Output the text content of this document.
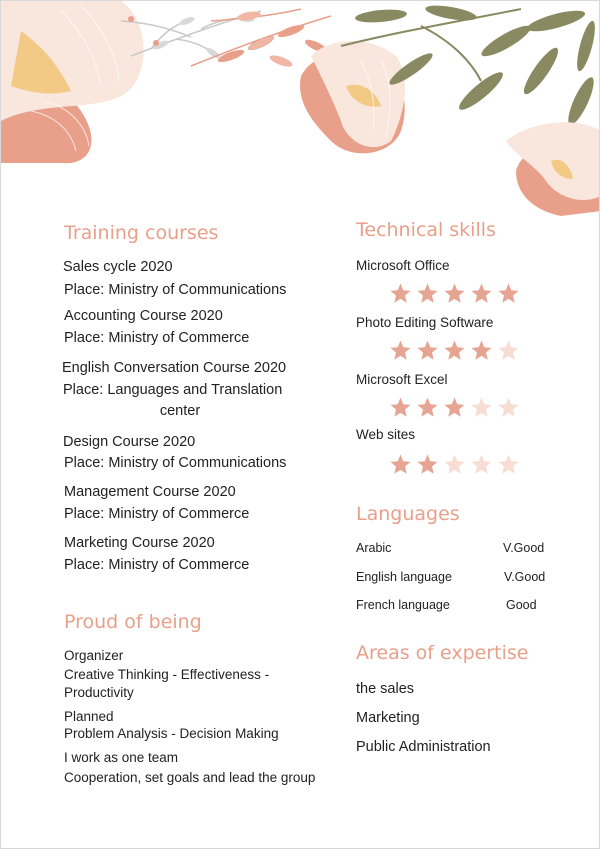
Training courses
Sales cycle 2020
Place: Ministry of Communications
Accounting Course 2020
Place: Ministry of Commerce
English Conversation Course 2020
Place: Languages and Translation
center
Design Course 2020
Place: Ministry of Communications
Management Course 2020
Place: Ministry of Commerce
Marketing Course 2020
Place: Ministry of Commerce
Proud of being
Organizer
Creative Thinking - Effectiveness -
Productivity
Planned
Problem Analysis - Decision Making
I work as one team
Cooperation, set goals and lead the group
Technical skills
Microsoft Office
Photo Editing Software
Microsoft Excel
Web sites
Languages
Arabic	V.Good
English language	V.Good
French language	Good
Areas of expertise
the sales
Marketing
Public Administration
